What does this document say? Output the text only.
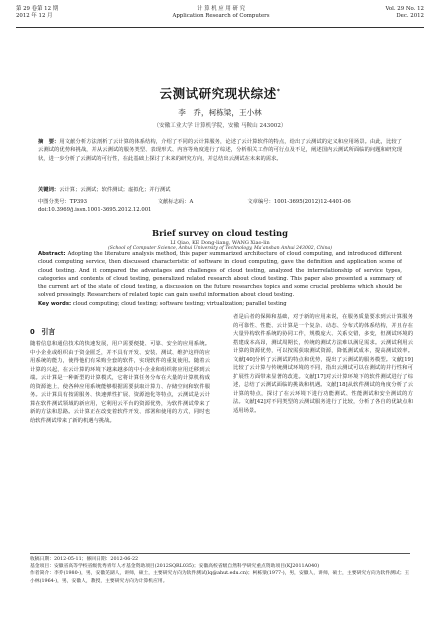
第 29 卷第 12 期
2012 年 12 月
计 算 机 应 用 研 究
Application Research of Computers
Vol. 29 No. 12
Dec. 2012
云测试研究现状综述*
李　乔，柯栋梁，王小林
（安徽工业大学 计算机学院，安徽 马鞍山 243002）
摘　要：用文献分析方法剖析了云计算的体系结构，介绍了不同的云计算服务，论述了云计算软件的特点，给出了云测试的定义和应用场景。由此，比较了云测试的优势和挑战，并从云测试的服务类型、表现形式、内容等角度进行了综述，分析相关工作的可行点及不足，阐述国内云测试所面临的问题和研究现状，进一步分析了云测试的可行性，在此基础上探讨了未来的研究方向，并总结出云测试在未来的需求。
关键词：云计算；云测试；软件测试；虚拟化；并行测试
中图分类号：TP393	文献标志码：A	文章编号：1001-3695(2012)12-4401-06
doi:10.3969/j.issn.1001-3695.2012.12.001
Brief survey on cloud testing
LI Qiao, KE Dong-liang, WANG Xiao-lin
(School of Computer Science, Anhui University of Technology, Ma’anshan Anhui 243002, China)
Abstract: Adopting the literature analysis method, this paper summarized architecture of cloud computing, and introduced different cloud computing service, then discussed characteristic of software in cloud computing, gave the definition and application scene of cloud testing. And it compared the advantages and challenges of cloud testing, analyzed the interrelationship of service types, categories and contents of cloud testing, generalized related research about cloud testing. This paper also presented a summary of the current art of the state of cloud testing, a discussion on the future researches topics and some crucial problems which should be solved pressingly. Researchers of related topic can gain useful information about cloud testing.
Key words: cloud computing; cloud testing; software testing; virtualization; parallel testing
0　 引言
随着信息和通信技术的快速发展，用户需要便捷、可靠、安全的应用系统。中小企业或组织由于资金匮乏，并不具有开发、安装、测试、维护这样的应用系统的能力，使得他们有采购全套的软件，实现软件的重复使用。随着云计算的兴起，在云计算的环境下越来越多的中小企业和组织将应用迁移到云端。云计算是一种新型的计算模式，它将计算任务分布在大量的计算机构成的资源池上，使各种应用系统能够根据需要获取计算力、存储空间和软件服务。云计算具有按需服务、快速弹性扩展、资源池化等特点，云测试是云计算在软件测试领域的新应用，它利用云平台的资源优势，为软件测试带来了新的方法和思路。云计算正在改变着软件开发、部署和使用的方式，同时也给软件测试带来了新的机遇与挑战。
者是后者的保障和基础，对于新的应用来说，在服务质量要求到云计算服务的可靠性、性能、云计算是一个复杂、动态、分布式的体系结构，并且存在大量异构软件系统的协同工作，规模庞大、关系交错，多变，但测试环境的搭建成本高昂，测试周期长，传统的测试方法难以满足需求。云测试利用云计算的资源优势，可以按需获取测试资源，降低测试成本，提高测试效率。文献[40]分析了云测试的特点和优势，提出了云测试的服务模型。文献[19]比较了云计算与传统测试环境的不同，指出云测试可以在测试的并行性和可扩展性方面带来显著的改进。文献[17]对云计算环境下的软件测试进行了综述，总结了云测试面临的挑战和机遇。文献[18]从软件测试的角度分析了云计算的特点，探讨了在云环境下进行功能测试、性能测试和安全测试的方法。文献[42]对不同类型的云测试服务进行了比较，分析了各自的优缺点和适用场景。
收稿日期：2012-05-11；修回日期：2012-06-22
基金项目：安徽省高等学校省级优秀青年人才基金资助项目(2012SQRL035)；安徽高校省级自然科学研究重点资助项目(KJ2011A040)
作者简介：李乔(1980-)，男，安徽芜湖人，讲师，硕士，主要研究方向为软件测试(lq@ahut.edu.cn)；柯栋梁(1977-)，男，安徽人，讲师，硕士，主要研究方向为软件测试；王小林(1964-)，男，安徽人，教授，主要研究方向为计算机应用。
